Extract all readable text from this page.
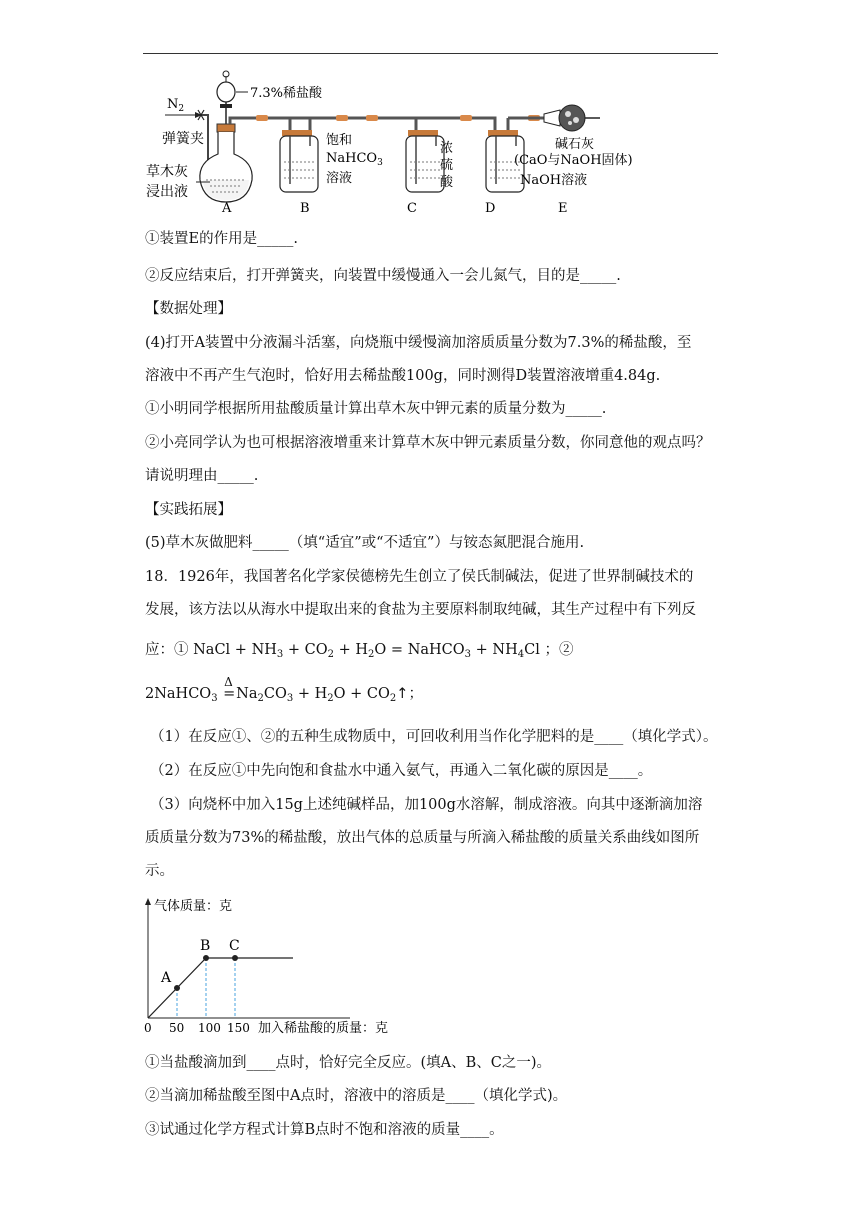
$N_2$
弹簧夹
7.3%稀盐酸
草木灰
浸出液
饱和
NaHCO$_3$
溶液
浓
硫
酸	NaOH溶液
碱石灰
(CaO与NaOH固体)
A	B	C	D	E
①装置E的作用是_____.
②反应结束后，打开弹簧夹，向装置中缓慢通入一会儿氮气，目的是_____.
【数据处理】
(4)打开A装置中分液漏斗活塞，向烧瓶中缓慢滴加溶质质量分数为7.3%的稀盐酸，至
溶液中不再产生气泡时，恰好用去稀盐酸100g，同时测得D装置溶液增重4.84g.
①小明同学根据所用盐酸质量计算出草木灰中钾元素的质量分数为_____.
②小亮同学认为也可根据溶液增重来计算草木灰中钾元素质量分数，你同意他的观点吗？
请说明理由_____.
【实践拓展】
(5)草木灰做肥料_____（填“适宜”或“不适宜”）与铵态氮肥混合施用.
18．1926年，我国著名化学家侯德榜先生创立了侯氏制碱法，促进了世界制碱技术的
发展，该方法以从海水中提取出来的食盐为主要原料制取纯碱，其生产过程中有下列反
应：① NaCl + $NH_3 + CO_2 + H_2O$ = NaHCO$_3$ + $NH_4Cl$ ；②
2NaHCO$_3$
Δ
$=Na_2CO_3 + H_2O$ + $CO_2↑$；
（1）在反应①、②的五种生成物质中，可回收利用当作化学肥料的是____（填化学式）。
（2）在反应①中先向饱和食盐水中通入氨气，再通入二氧化碳的原因是____。
（3）向烧杯中加入15g上述纯碱样品，加100g水溶解，制成溶液。向其中逐渐滴加溶
质质量分数为73%的稀盐酸，放出气体的总质量与所滴入稀盐酸的质量关系曲线如图所
示。
气体质量：克
A
B C
0 50 100 150 加入稀盐酸的质量：克
①当盐酸滴加到____点时，恰好完全反应。(填A、B、C之一)。
②当滴加稀盐酸至图中A点时，溶液中的溶质是____（填化学式)。
③试通过化学方程式计算B点时不饱和溶液的质量____。
